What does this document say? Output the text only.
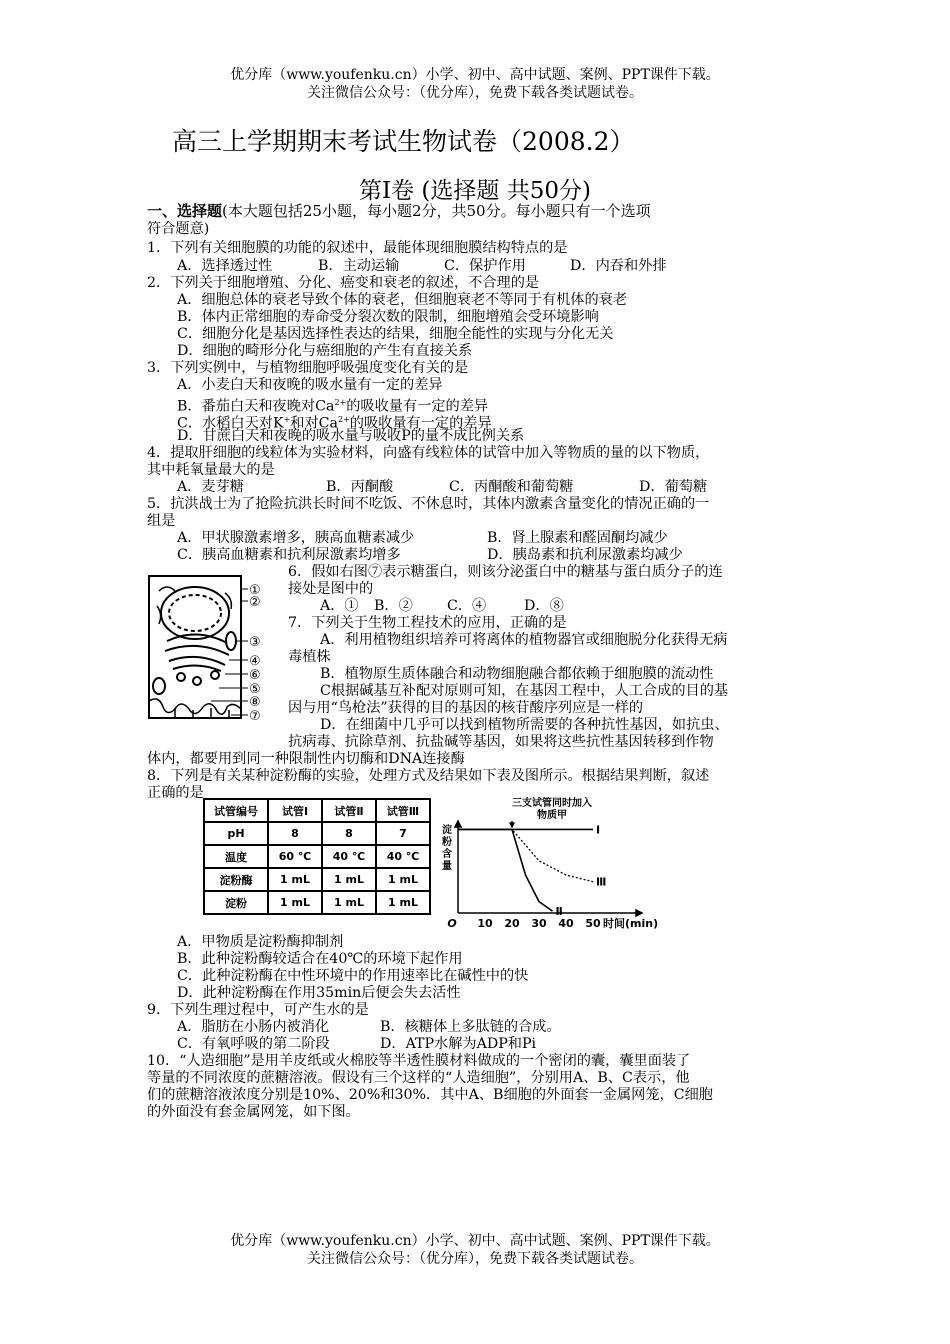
优分库（www.youfenku.cn）小学、初中、高中试题、案例、PPT课件下载。
关注微信公众号：（优分库），免费下载各类试题试卷。
高三上学期期末考试生物试卷（2008.2）
第Ⅰ卷 (选择题 共50分)
一、选择题(本大题包括25小题，每小题2分，共50分。每小题只有一个选项
符合题意)
1．下列有关细胞膜的功能的叙述中，最能体现细胞膜结构特点的是
A．选择透过性	B．主动运输	C．保护作用	D．内吞和外排
2．下列关于细胞增殖、分化、癌变和衰老的叙述，不合理的是
A．细胞总体的衰老导致个体的衰老，但细胞衰老不等同于有机体的衰老
B．体内正常细胞的寿命受分裂次数的限制，细胞增殖会受环境影响
C．细胞分化是基因选择性表达的结果，细胞全能性的实现与分化无关
D．细胞的畸形分化与癌细胞的产生有直接关系
3．下列实例中，与植物细胞呼吸强度变化有关的是
A．小麦白天和夜晚的吸水量有一定的差异
B．番茄白天和夜晚对$Ca^{2+}$的吸收量有一定的差异
C．水稻白天对K+和对$Ca^{2+}$的吸收量有一定的差异
D．甘蔗白天和夜晚的吸水量与吸收P的量不成比例关系
4．提取肝细胞的线粒体为实验材料，向盛有线粒体的试管中加入等物质的量的以下物质，
其中耗氧量最大的是
A．麦芽糖	B．丙酮酸	C．丙酮酸和葡萄糖	D．葡萄糖
5．抗洪战士为了抢险抗洪长时间不吃饭、不休息时，其体内激素含量变化的情况正确的一
组是
A．甲状腺激素增多，胰高血糖素减少	B．肾上腺素和醛固酮均减少
C．胰高血糖素和抗利尿激素均增多	D．胰岛素和抗利尿激素均减少
①
②
③
④
⑥
⑤
⑧
⑦
6．假如右图⑦表示糖蛋白，则该分泌蛋白中的糖基与蛋白质分子的连
接处是图中的
A．① B．② C．④	D．⑧
7．下列关于生物工程技术的应用，正确的是
A．利用植物组织培养可将离体的植物器官或细胞脱分化获得无病
毒植株
B．植物原生质体融合和动物细胞融合都依赖于细胞膜的流动性
C根据碱基互补配对原则可知，在基因工程中，人工合成的目的基
因与用“鸟枪法”获得的目的基因的核苷酸序列应是一样的
D．在细菌中几乎可以找到植物所需要的各种抗性基因，如抗虫、
抗病毒、抗除草剂、抗盐碱等基因，如果将这些抗性基因转移到作物
体内，都要用到同一种限制性内切酶和DNA连接酶
8．下列是有关某种淀粉酶的实验，处理方式及结果如下表及图所示。根据结果判断，叙述
正确的是
试管编号	试管Ⅰ	试管Ⅱ	试管Ⅲ
pH	8	8	7
温度	60 ℃	40 ℃	40 ℃
淀粉酶	1 mL	1 mL	1 mL
淀粉	1 mL	1 mL	1 mL
三支试管同时加入
物质甲
淀
粉
含
量
Ⅰ
Ⅱ
Ⅲ
O 10 20 30 40 50 时间(min)
A．甲物质是淀粉酶抑制剂
B．此种淀粉酶较适合在40℃的环境下起作用
C．此种淀粉酶在中性环境中的作用速率比在碱性中的快
D．此种淀粉酶在作用35min后便会失去活性
9．下列生理过程中，可产生水的是
A．脂肪在小肠内被消化	B．核糖体上多肽链的合成。
C．有氧呼吸的第二阶段	D．ATP水解为ADP和Pi
10．“人造细胞”是用羊皮纸或火棉胶等半透性膜材料做成的一个密闭的囊，囊里面装了
等量的不同浓度的蔗糖溶液。假设有三个这样的“人造细胞”，分别用A、B、C表示，他
们的蔗糖溶液浓度分别是10%、20%和30%．其中A、B细胞的外面套一金属网笼，C细胞
的外面没有套金属网笼，如下图。
优分库（www.youfenku.cn）小学、初中、高中试题、案例、PPT课件下载。
关注微信公众号：（优分库），免费下载各类试题试卷。
